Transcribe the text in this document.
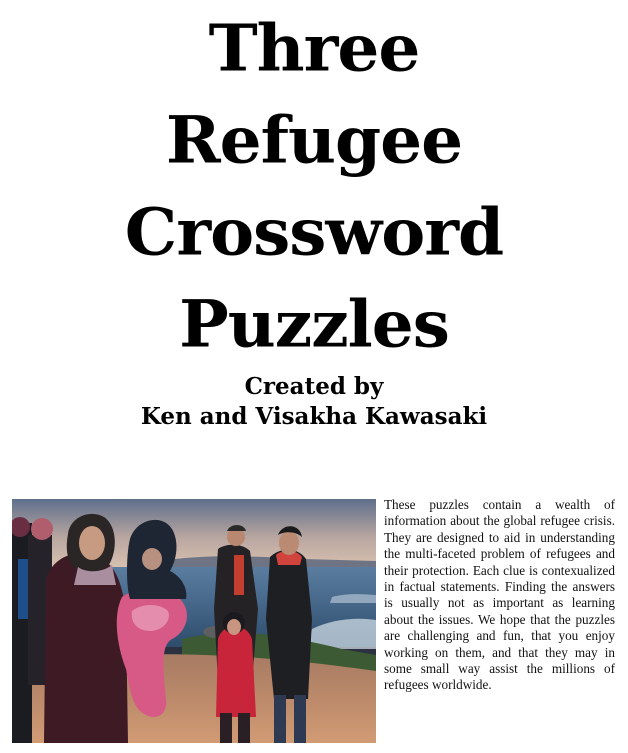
Three
Refugee
Crossword
Puzzles
Created by
Ken and Visakha Kawasaki

These puzzles contain a wealth of information about the global refugee crisis. They are designed to aid in understanding the multi-faceted problem of refugees and their protection. Each clue is contexualized in factual statements. Finding the answers is usually not as important as learning about the issues. We hope that the puzzles are challenging and fun, that you enjoy working on them, and that they may in some small way assist the millions of refugees worldwide.
